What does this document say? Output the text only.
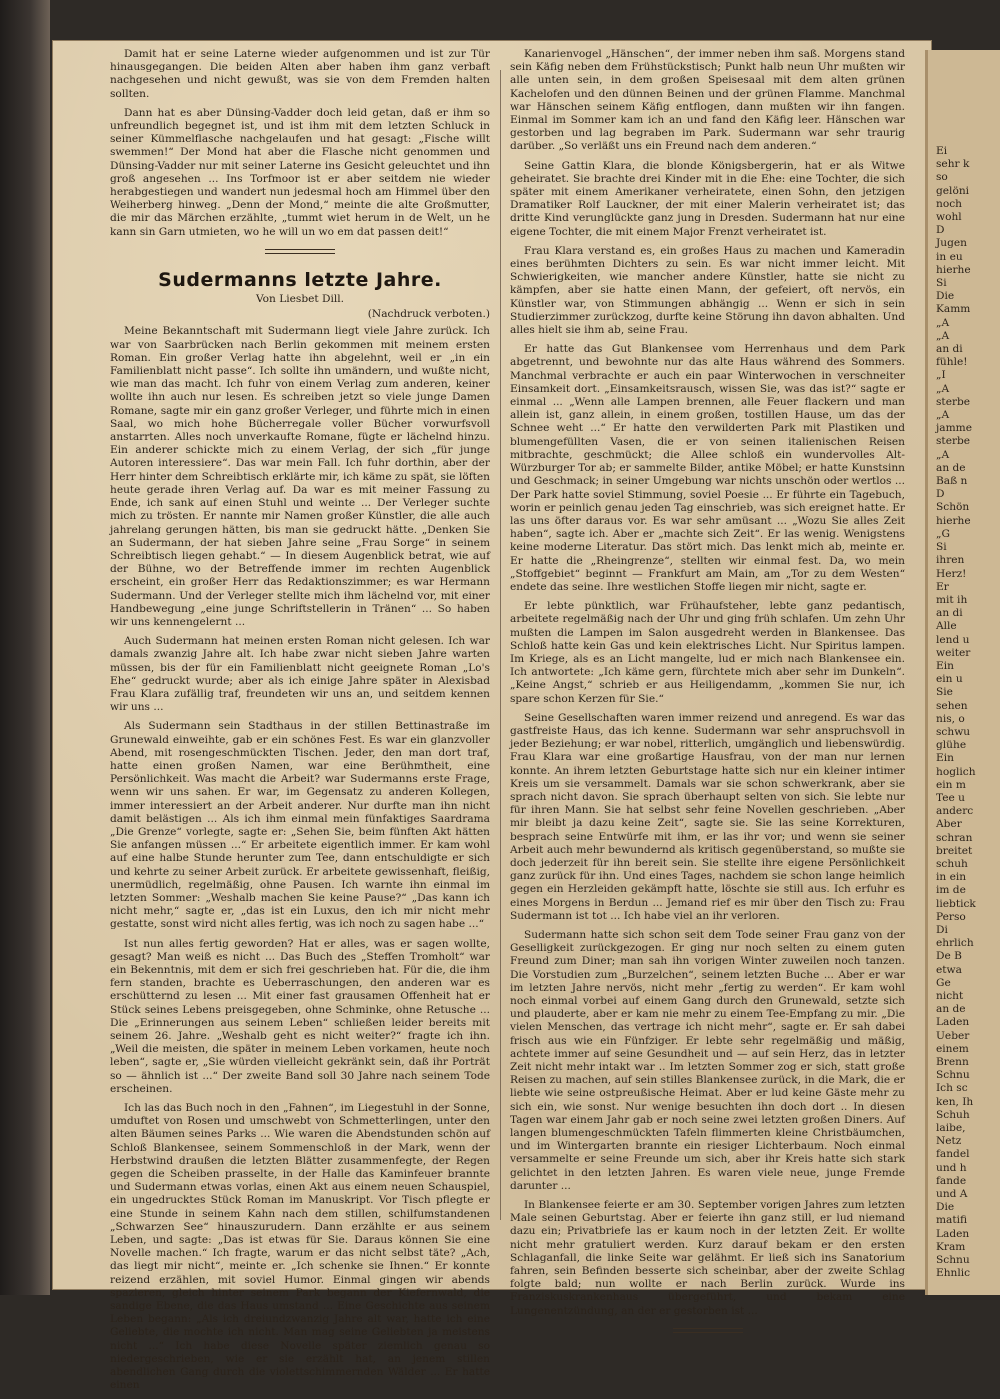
Ei
sehr k
so
gelöni
noch
wohl
D
Jugen
in eu
hierhe
Si
Die
Kamm
„A
„A
an di
fühle!
„I
„A
sterbe
„A
jamme
sterbe
„A
an de
Baß n
D
Schön
hierhe
„G
Si
ihren
Herz!
Er
mit ih
an di
Alle
lend u
weiter
Ein
ein u
Sie
sehen
nis, o
schwu
glühe
Ein
hoglich
ein m
Tee u
anderc
Aber
schran
breitet
schuh
in ein
im de
liebtick
Perso
Di
ehrlich
De B
etwa
Ge
nicht
an de
Laden
Ueber
einem
Brenn
Schnu
Ich sc
ken, Ih
Schuh
laibe,
Netz
fandel
und h
fande
und A
Die
matifi
Laden
Kram
Schnu
Ehnlic

Damit hat er seine Laterne wieder aufgenommen und ist zur Tür hinausgegangen. Die beiden Alten aber haben ihm ganz verbaft nachgesehen und nicht gewußt, was sie von dem Fremden halten sollten.

Dann hat es aber Dünsing-Vadder doch leid getan, daß er ihm so unfreundlich begegnet ist, und ist ihm mit dem letzten Schluck in seiner Kümmelflasche nachgelaufen und hat gesagt: „Fische willt swemmen!“ Der Mond hat aber die Flasche nicht genommen und Dünsing-Vadder nur mit seiner Laterne ins Gesicht geleuchtet und ihn groß angesehen ... Ins Torfmoor ist er aber seitdem nie wieder herabgestiegen und wandert nun jedesmal hoch am Himmel über den Weiherberg hinweg. „Denn der Mond,“ meinte die alte Großmutter, die mir das Märchen erzählte, „tummt wiet herum in de Welt, un he kann sin Garn utmieten, wo he will un wo em dat passen deit!“

Sudermanns letzte Jahre.
Von Liesbet Dill.
(Nachdruck verboten.)

Meine Bekanntschaft mit Sudermann liegt viele Jahre zurück. Ich war von Saarbrücken nach Berlin gekommen mit meinem ersten Roman. Ein großer Verlag hatte ihn abgelehnt, weil er „in ein Familienblatt nicht passe“. Ich sollte ihn umändern, und wußte nicht, wie man das macht. Ich fuhr von einem Verlag zum anderen, keiner wollte ihn auch nur lesen. Es schreiben jetzt so viele junge Damen Romane, sagte mir ein ganz großer Verleger, und führte mich in einen Saal, wo mich hohe Bücherregale voller Bücher vorwurfsvoll anstarrten. Alles noch unverkaufte Romane, fügte er lächelnd hinzu. Ein anderer schickte mich zu einem Verlag, der sich „für junge Autoren interessiere“. Das war mein Fall. Ich fuhr dorthin, aber der Herr hinter dem Schreibtisch erklärte mir, ich käme zu spät, sie löften heute gerade ihren Verlag auf. Da war es mit meiner Fassung zu Ende, ich sank auf einen Stuhl und weinte ... Der Verleger suchte mich zu trösten. Er nannte mir Namen großer Künstler, die alle auch jahrelang gerungen hätten, bis man sie gedruckt hätte. „Denken Sie an Sudermann, der hat sieben Jahre seine „Frau Sorge“ in seinem Schreibtisch liegen gehabt.“ — In diesem Augenblick betrat, wie auf der Bühne, wo der Betreffende immer im rechten Augenblick erscheint, ein großer Herr das Redaktionszimmer; es war Hermann Sudermann. Und der Verleger stellte mich ihm lächelnd vor, mit einer Handbewegung „eine junge Schriftstellerin in Tränen“ ... So haben wir uns kennengelernt ...

Auch Sudermann hat meinen ersten Roman nicht gelesen. Ich war damals zwanzig Jahre alt. Ich habe zwar nicht sieben Jahre warten müssen, bis der für ein Familienblatt nicht geeignete Roman „Lo's Ehe“ gedruckt wurde; aber als ich einige Jahre später in Alexisbad Frau Klara zufällig traf, freundeten wir uns an, und seitdem kennen wir uns ...

Als Sudermann sein Stadthaus in der stillen Bettinastraße im Grunewald einweihte, gab er ein schönes Fest. Es war ein glanzvoller Abend, mit rosengeschmückten Tischen. Jeder, den man dort traf, hatte einen großen Namen, war eine Berühmtheit, eine Persönlichkeit. Was macht die Arbeit? war Sudermanns erste Frage, wenn wir uns sahen. Er war, im Gegensatz zu anderen Kollegen, immer interessiert an der Arbeit anderer. Nur durfte man ihn nicht damit belästigen ... Als ich ihm einmal mein fünfaktiges Saardrama „Die Grenze“ vorlegte, sagte er: „Sehen Sie, beim fünften Akt hätten Sie anfangen müssen ...“ Er arbeitete eigentlich immer. Er kam wohl auf eine halbe Stunde herunter zum Tee, dann entschuldigte er sich und kehrte zu seiner Arbeit zurück. Er arbeitete gewissenhaft, fleißig, unermüdlich, regelmäßig, ohne Pausen. Ich warnte ihn einmal im letzten Sommer: „Weshalb machen Sie keine Pause?“ „Das kann ich nicht mehr,“ sagte er, „das ist ein Luxus, den ich mir nicht mehr gestatte, sonst wird nicht alles fertig, was ich noch zu sagen habe ...“

Ist nun alles fertig geworden? Hat er alles, was er sagen wollte, gesagt? Man weiß es nicht ... Das Buch des „Steffen Tromholt“ war ein Bekenntnis, mit dem er sich frei geschrieben hat. Für die, die ihm fern standen, brachte es Ueberraschungen, den anderen war es erschütternd zu lesen ... Mit einer fast grausamen Offenheit hat er Stück seines Lebens preisgegeben, ohne Schminke, ohne Retusche ... Die „Erinnerungen aus seinem Leben“ schließen leider bereits mit seinem 26. Jahre. „Weshalb geht es nicht weiter?“ fragte ich ihn. „Weil die meisten, die später in meinem Leben vorkamen, heute noch leben“, sagte er, „Sie würden vielleicht gekränkt sein, daß ihr Porträt so — ähnlich ist ...“ Der zweite Band soll 30 Jahre nach seinem Tode erscheinen.

Ich las das Buch noch in den „Fahnen“, im Liegestuhl in der Sonne, umduftet von Rosen und umschwebt von Schmetterlingen, unter den alten Bäumen seines Parks ... Wie waren die Abendstunden schön auf Schloß Blankensee, seinem Sommenschloß in der Mark, wenn der Herbstwind draußen die letzten Blätter zusammenfegte, der Regen gegen die Scheiben prasselte, in der Halle das Kaminfeuer brannte und Sudermann etwas vorlas, einen Akt aus einem neuen Schauspiel, ein ungedrucktes Stück Roman im Manuskript. Vor Tisch pflegte er eine Stunde in seinem Kahn nach dem stillen, schilfumstandenen „Schwarzen See“ hinauszurudern. Dann erzählte er aus seinem Leben, und sagte: „Das ist etwas für Sie. Daraus können Sie eine Novelle machen.“ Ich fragte, warum er das nicht selbst täte? „Ach, das liegt mir nicht“, meinte er. „Ich schenke sie Ihnen.“ Er konnte reizend erzählen, mit soviel Humor. Einmal gingen wir abends spazieren, gleich hinter seinem Park begann der Kiefernwald, die sandige Ebene, die das Haus umstand ... Eine Geschichte aus seinem Leben begann: „Als ich dreiundzwanzig Jahre alt war, hatte ich eine Geliebte, die mochte ich nicht. Man mag seine Geliebten ja meistens nicht ...“ Ich habe diese Novelle später ziemlich genau so niedergeschrieben, wie er sie erzählt hat, an jenem stillen abendlichen Gang durch die violettschimmernden Wälder ... Er hatte einen

Kanarienvogel „Hänschen“, der immer neben ihm saß. Morgens stand sein Käfig neben dem Frühstückstisch; Punkt halb neun Uhr mußten wir alle unten sein, in dem großen Speisesaal mit dem alten grünen Kachelofen und den dünnen Beinen und der grünen Flamme. Manchmal war Hänschen seinem Käfig entflogen, dann mußten wir ihn fangen. Einmal im Sommer kam ich an und fand den Käfig leer. Hänschen war gestorben und lag begraben im Park. Sudermann war sehr traurig darüber. „So verläßt uns ein Freund nach dem anderen.“

Seine Gattin Klara, die blonde Königsbergerin, hat er als Witwe geheiratet. Sie brachte drei Kinder mit in die Ehe: eine Tochter, die sich später mit einem Amerikaner verheiratete, einen Sohn, den jetzigen Dramatiker Rolf Lauckner, der mit einer Malerin verheiratet ist; das dritte Kind verunglückte ganz jung in Dresden. Sudermann hat nur eine eigene Tochter, die mit einem Major Frenzt verheiratet ist.

Frau Klara verstand es, ein großes Haus zu machen und Kameradin eines berühmten Dichters zu sein. Es war nicht immer leicht. Mit Schwierigkeiten, wie mancher andere Künstler, hatte sie nicht zu kämpfen, aber sie hatte einen Mann, der gefeiert, oft nervös, ein Künstler war, von Stimmungen abhängig ... Wenn er sich in sein Studierzimmer zurückzog, durfte keine Störung ihn davon abhalten. Und alles hielt sie ihm ab, seine Frau.

Er hatte das Gut Blankensee vom Herrenhaus und dem Park abgetrennt, und bewohnte nur das alte Haus während des Sommers. Manchmal verbrachte er auch ein paar Winterwochen in verschneiter Einsamkeit dort. „Einsamkeitsrausch, wissen Sie, was das ist?“ sagte er einmal ... „Wenn alle Lampen brennen, alle Feuer flackern und man allein ist, ganz allein, in einem großen, tostillen Hause, um das der Schnee weht ...“ Er hatte den verwilderten Park mit Plastiken und blumengefüllten Vasen, die er von seinen italienischen Reisen mitbrachte, geschmückt; die Allee schloß ein wundervolles Alt-Würzburger Tor ab; er sammelte Bilder, antike Möbel; er hatte Kunstsinn und Geschmack; in seiner Umgebung war nichts unschön oder wertlos ... Der Park hatte soviel Stimmung, soviel Poesie ... Er führte ein Tagebuch, worin er peinlich genau jeden Tag einschrieb, was sich ereignet hatte. Er las uns öfter daraus vor. Es war sehr amüsant ... „Wozu Sie alles Zeit haben“, sagte ich. Aber er „machte sich Zeit“. Er las wenig. Wenigstens keine moderne Literatur. Das stört mich. Das lenkt mich ab, meinte er. Er hatte die „Rheingrenze“, stellten wir einmal fest. Da, wo mein „Stoffgebiet“ beginnt — Frankfurt am Main, am „Tor zu dem Westen“ endete das seine. Ihre westlichen Stoffe liegen mir nicht, sagte er.

Er lebte pünktlich, war Frühaufsteher, lebte ganz pedantisch, arbeitete regelmäßig nach der Uhr und ging früh schlafen. Um zehn Uhr mußten die Lampen im Salon ausgedreht werden in Blankensee. Das Schloß hatte kein Gas und kein elektrisches Licht. Nur Spiritus lampen. Im Kriege, als es an Licht mangelte, lud er mich nach Blankensee ein. Ich antwortete: „Ich käme gern, fürchtete mich aber sehr im Dunkeln“. „Keine Angst,“ schrieb er aus Heiligendamm, „kommen Sie nur, ich spare schon Kerzen für Sie.“

Seine Gesellschaften waren immer reizend und anregend. Es war das gastfreiste Haus, das ich kenne. Sudermann war sehr anspruchsvoll in jeder Beziehung; er war nobel, ritterlich, umgänglich und liebenswürdig. Frau Klara war eine großartige Hausfrau, von der man nur lernen konnte. An ihrem letzten Geburtstage hatte sich nur ein kleiner intimer Kreis um sie versammelt. Damals war sie schon schwerkrank, aber sie sprach nicht davon. Sie sprach überhaupt selten von sich. Sie lebte nur für ihren Mann. Sie hat selbst sehr feine Novellen geschrieben. „Aber mir bleibt ja dazu keine Zeit“, sagte sie. Sie las seine Korrekturen, besprach seine Entwürfe mit ihm, er las ihr vor; und wenn sie seiner Arbeit auch mehr bewundernd als kritisch gegenüberstand, so mußte sie doch jederzeit für ihn bereit sein. Sie stellte ihre eigene Persönlichkeit ganz zurück für ihn. Und eines Tages, nachdem sie schon lange heimlich gegen ein Herzleiden gekämpft hatte, löschte sie still aus. Ich erfuhr es eines Morgens in Berdun ... Jemand rief es mir über den Tisch zu: Frau Sudermann ist tot ... Ich habe viel an ihr verloren.

Sudermann hatte sich schon seit dem Tode seiner Frau ganz von der Geselligkeit zurückgezogen. Er ging nur noch selten zu einem guten Freund zum Diner; man sah ihn vorigen Winter zuweilen noch tanzen. Die Vorstudien zum „Burzelchen“, seinem letzten Buche ... Aber er war im letzten Jahre nervös, nicht mehr „fertig zu werden“. Er kam wohl noch einmal vorbei auf einem Gang durch den Grunewald, setzte sich und plauderte, aber er kam nie mehr zu einem Tee-Empfang zu mir. „Die vielen Menschen, das vertrage ich nicht mehr“, sagte er. Er sah dabei frisch aus wie ein Fünfziger. Er lebte sehr regelmäßig und mäßig, achtete immer auf seine Gesundheit und — auf sein Herz, das in letzter Zeit nicht mehr intakt war .. Im letzten Sommer zog er sich, statt große Reisen zu machen, auf sein stilles Blankensee zurück, in die Mark, die er liebte wie seine ostpreußische Heimat. Aber er lud keine Gäste mehr zu sich ein, wie sonst. Nur wenige besuchten ihn doch dort .. In diesen Tagen war einem Jahr gab er noch seine zwei letzten großen Diners. Auf langen blumengeschmückten Tafeln flimmerten kleine Christbäumchen, und im Wintergarten brannte ein riesiger Lichterbaum. Noch einmal versammelte er seine Freunde um sich, aber ihr Kreis hatte sich stark gelichtet in den letzten Jahren. Es waren viele neue, junge Fremde darunter ...

In Blankensee feierte er am 30. September vorigen Jahres zum letzten Male seinen Geburtstag. Aber er feierte ihn ganz still, er lud niemand dazu ein; Privatbriefe las er kaum noch in der letzten Zeit. Er wollte nicht mehr gratuliert werden. Kurz darauf bekam er den ersten Schlaganfall, die linke Seite war gelähmt. Er ließ sich ins Sanatorium fahren, sein Befinden besserte sich scheinbar, aber der zweite Schlag folgte bald; nun wollte er nach Berlin zurück. Wurde ins Franziskuskrankenhaus übergeführt, und bekam eine Lungenentzündung, an der er gestorben ist ...
